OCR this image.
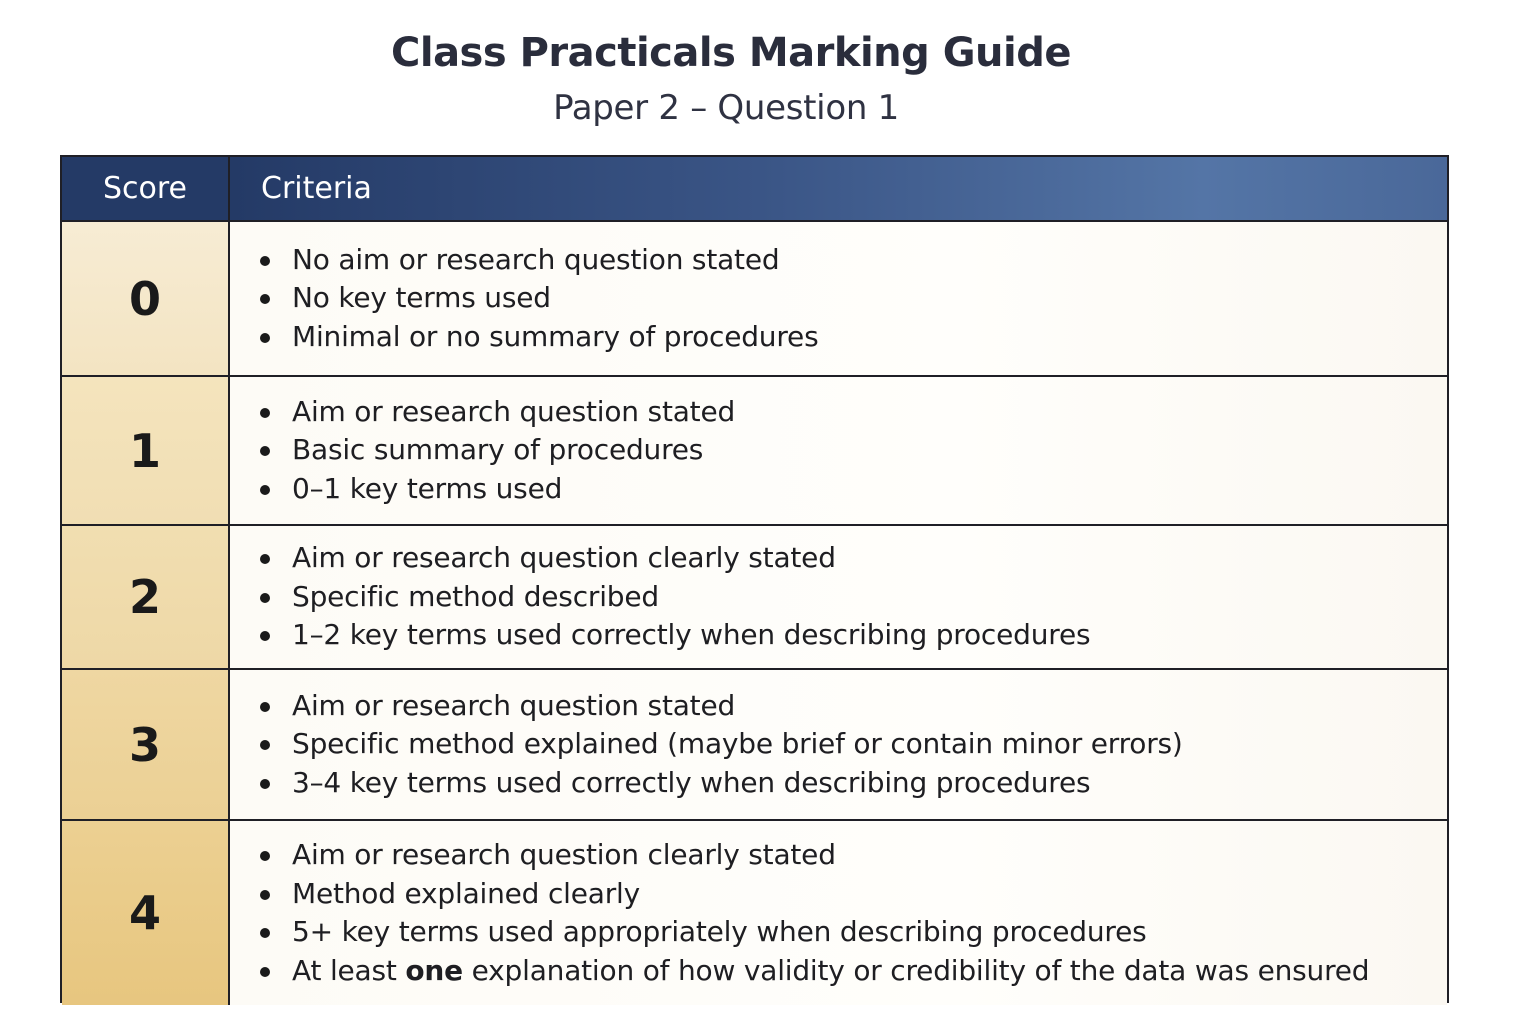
Class Practicals Marking Guide
Paper 2 – Question 1
Score	Criteria
0
No aim or research question stated
No key terms used
Minimal or no summary of procedures
1
Aim or research question stated
Basic summary of procedures
0–1 key terms used
2
Aim or research question clearly stated
Specific method described
1–2 key terms used correctly when describing procedures
3
Aim or research question stated
Specific method explained (maybe brief or contain minor errors)
3–4 key terms used correctly when describing procedures
4
Aim or research question clearly stated
Method explained clearly
5+ key terms used appropriately when describing procedures
At least one explanation of how validity or credibility of the data was ensured
